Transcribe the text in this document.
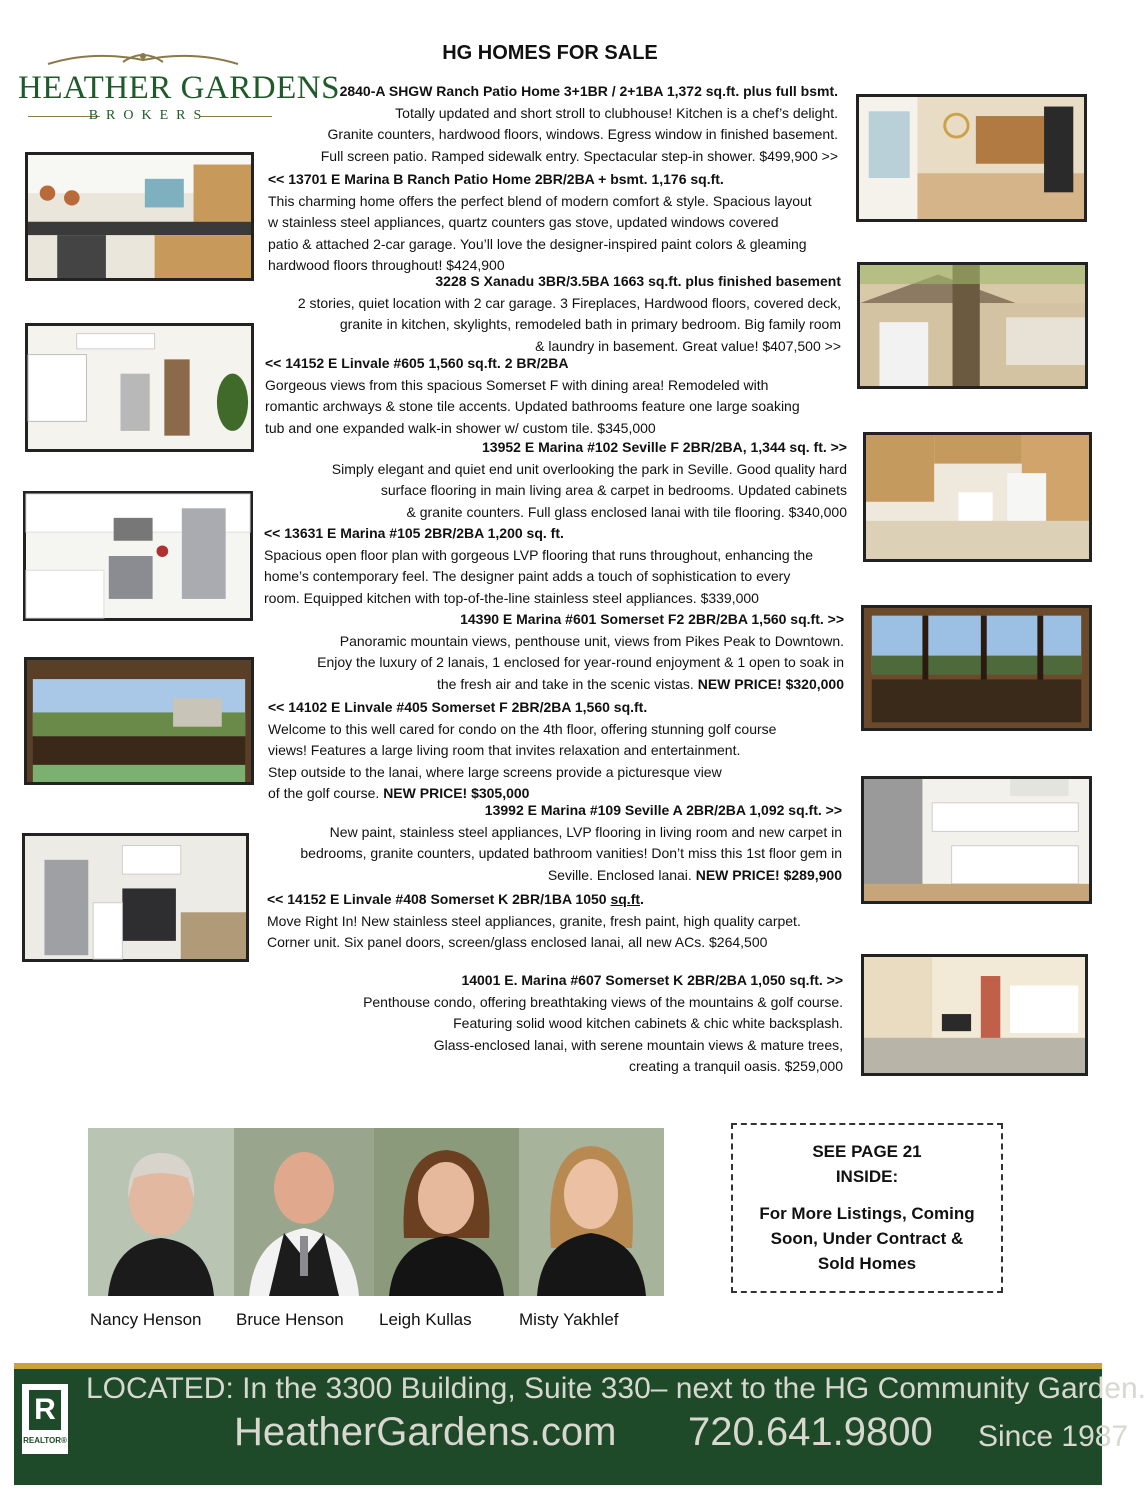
HEATHER GARDENS
BROKERS
HG HOMES FOR SALE
2840-A SHGW Ranch Patio Home 3+1BR / 2+1BA 1,372 sq.ft. plus full bsmt.
Totally updated and short stroll to clubhouse! Kitchen is a chef’s delight.
Granite counters, hardwood floors, windows. Egress window in finished basement.
Full screen patio. Ramped sidewalk entry. Spectacular step-in shower. $499,900 >>
<< 13701 E Marina B Ranch Patio Home 2BR/2BA + bsmt. 1,176 sq.ft.
This charming home offers the perfect blend of modern comfort & style. Spacious layout
w stainless steel appliances, quartz counters gas stove, updated windows covered
patio & attached 2-car garage. You’ll love the designer-inspired paint colors & gleaming
hardwood floors throughout! $424,900
3228 S Xanadu 3BR/3.5BA 1663 sq.ft. plus finished basement
2 stories, quiet location with 2 car garage. 3 Fireplaces, Hardwood floors, covered deck,
granite in kitchen, skylights, remodeled bath in primary bedroom. Big family room
& laundry in basement. Great value! $407,500 >>
<< 14152 E Linvale #605 1,560 sq.ft. 2 BR/2BA
Gorgeous views from this spacious Somerset F with dining area! Remodeled with
romantic archways & stone tile accents. Updated bathrooms feature one large soaking
tub and one expanded walk-in shower w/ custom tile. $345,000
13952 E Marina #102 Seville F 2BR/2BA, 1,344 sq. ft. >>
Simply elegant and quiet end unit overlooking the park in Seville. Good quality hard
surface flooring in main living area & carpet in bedrooms. Updated cabinets
& granite counters. Full glass enclosed lanai with tile flooring. $340,000
<< 13631 E Marina #105 2BR/2BA 1,200 sq. ft.
Spacious open floor plan with gorgeous LVP flooring that runs throughout, enhancing the
home’s contemporary feel. The designer paint adds a touch of sophistication to every
room. Equipped kitchen with top-of-the-line stainless steel appliances. $339,000
14390 E Marina #601 Somerset F2 2BR/2BA 1,560 sq.ft. >>
Panoramic mountain views, penthouse unit, views from Pikes Peak to Downtown.
Enjoy the luxury of 2 lanais, 1 enclosed for year-round enjoyment & 1 open to soak in
the fresh air and take in the scenic vistas. NEW PRICE! $320,000
<< 14102 E Linvale #405 Somerset F 2BR/2BA 1,560 sq.ft.
Welcome to this well cared for condo on the 4th floor, offering stunning golf course
views! Features a large living room that invites relaxation and entertainment.
Step outside to the lanai, where large screens provide a picturesque view
of the golf course. NEW PRICE! $305,000
13992 E Marina #109 Seville A 2BR/2BA 1,092 sq.ft. >>
New paint, stainless steel appliances, LVP flooring in living room and new carpet in
bedrooms, granite counters, updated bathroom vanities! Don’t miss this 1st floor gem in
Seville. Enclosed lanai. NEW PRICE! $289,900
<< 14152 E Linvale #408 Somerset K 2BR/1BA 1050 sq.ft.
Move Right In! New stainless steel appliances, granite, fresh paint, high quality carpet.
Corner unit. Six panel doors, screen/glass enclosed lanai, all new ACs. $264,500
14001 E. Marina #607 Somerset K 2BR/2BA 1,050 sq.ft. >>
Penthouse condo, offering breathtaking views of the mountains & golf course.
Featuring solid wood kitchen cabinets & chic white backsplash.
Glass-enclosed lanai, with serene mountain views & mature trees,
creating a tranquil oasis. $259,000
Nancy Henson Bruce Henson Leigh Kullas	Misty Yakhlef
SEE PAGE 21
INSIDE:
For More Listings, Coming
Soon, Under Contract &
Sold Homes
R
REALTOR®
LOCATED: In the 3300 Building, Suite 330– next to the HG Community Garden.
HeatherGardens.com 720.641.9800 Since 1987
